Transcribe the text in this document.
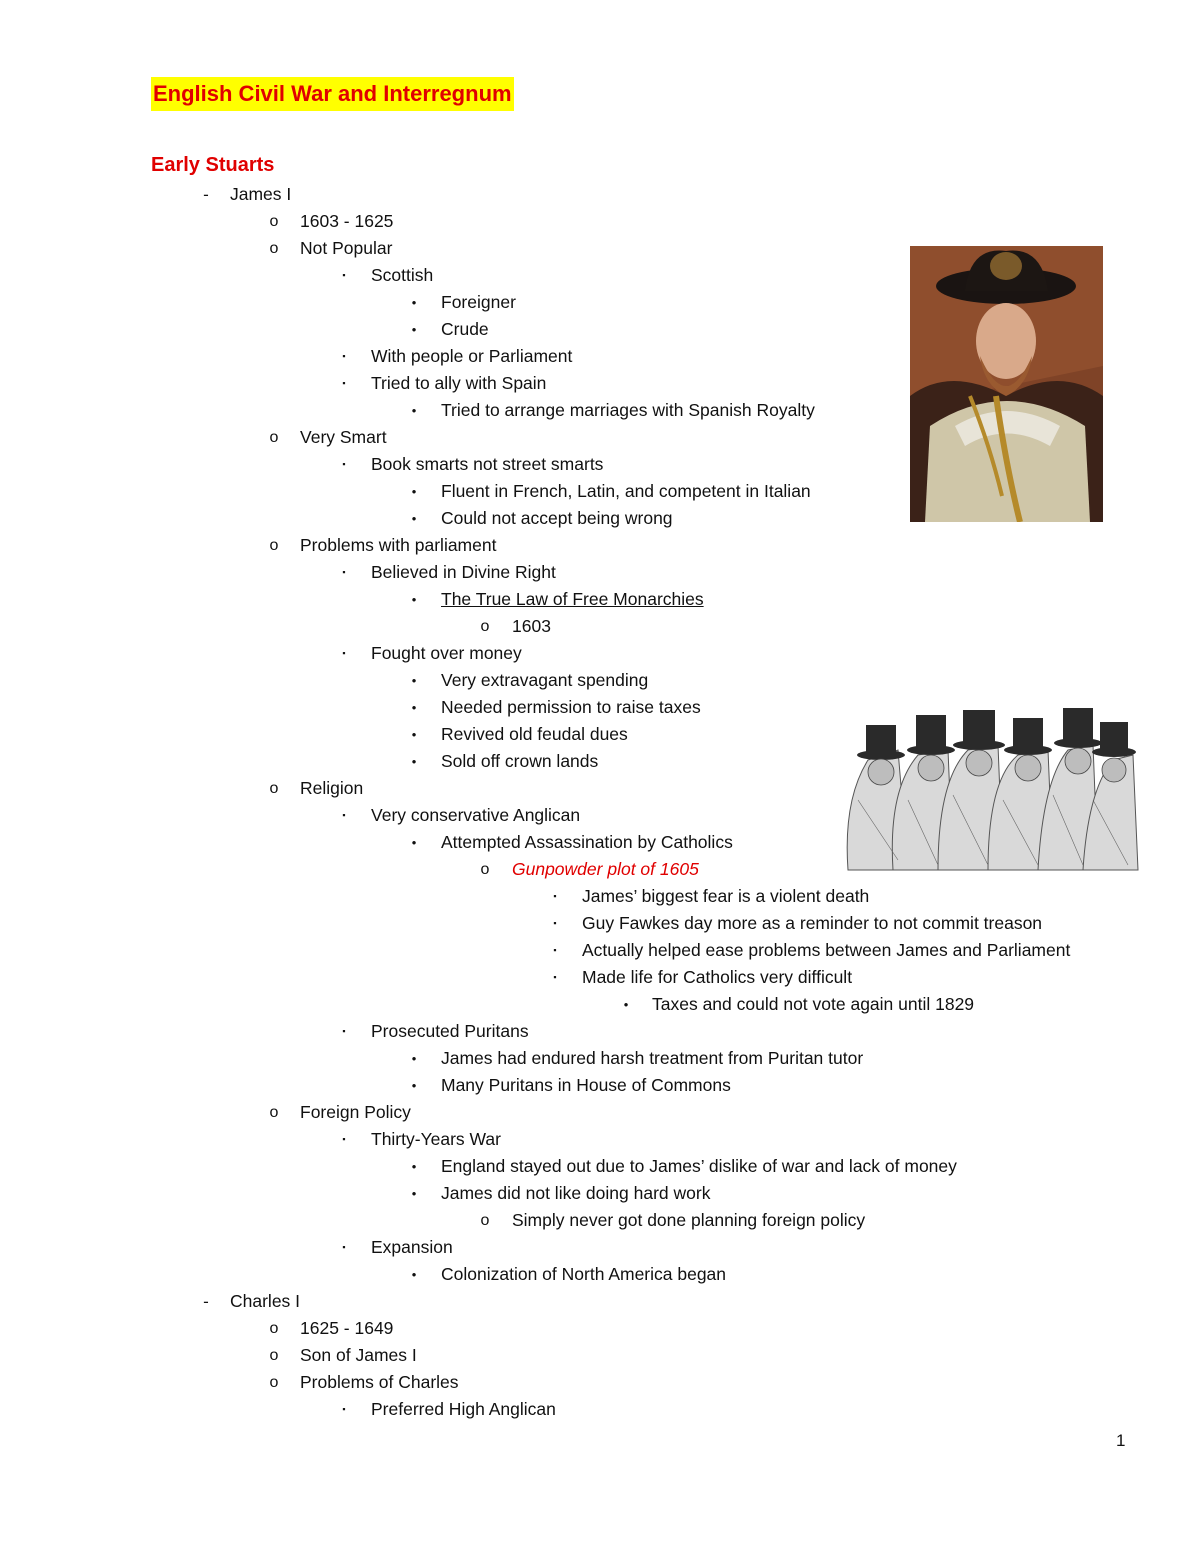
English Civil War and Interregnum
Early Stuarts
-	James I
o	1603 - 1625
o	Not Popular
▪	Scottish
•	Foreigner
•	Crude
▪	With people or Parliament
▪	Tried to ally with Spain
•	Tried to arrange marriages with Spanish Royalty
o	Very Smart
▪	Book smarts not street smarts
•	Fluent in French, Latin, and competent in Italian
•	Could not accept being wrong
o	Problems with parliament
▪	Believed in Divine Right
•	The True Law of Free Monarchies
o	1603
▪	Fought over money
•	Very extravagant spending
•	Needed permission to raise taxes
•	Revived old feudal dues
•	Sold off crown lands
o	Religion
▪	Very conservative Anglican
•	Attempted Assassination by Catholics
o	Gunpowder plot of 1605
▪	James’ biggest fear is a violent death
▪	Guy Fawkes day more as a reminder to not commit treason
▪	Actually helped ease problems between James and Parliament
▪	Made life for Catholics very difficult
•	Taxes and could not vote again until 1829
▪	Prosecuted Puritans
•	James had endured harsh treatment from Puritan tutor
•	Many Puritans in House of Commons
o	Foreign Policy
▪	Thirty-Years War
•	England stayed out due to James’ dislike of war and lack of money
•	James did not like doing hard work
o	Simply never got done planning foreign policy
▪	Expansion
•	Colonization of North America began
-	Charles I
o	1625 - 1649
o	Son of James I
o	Problems of Charles
▪	Preferred High Anglican
1
